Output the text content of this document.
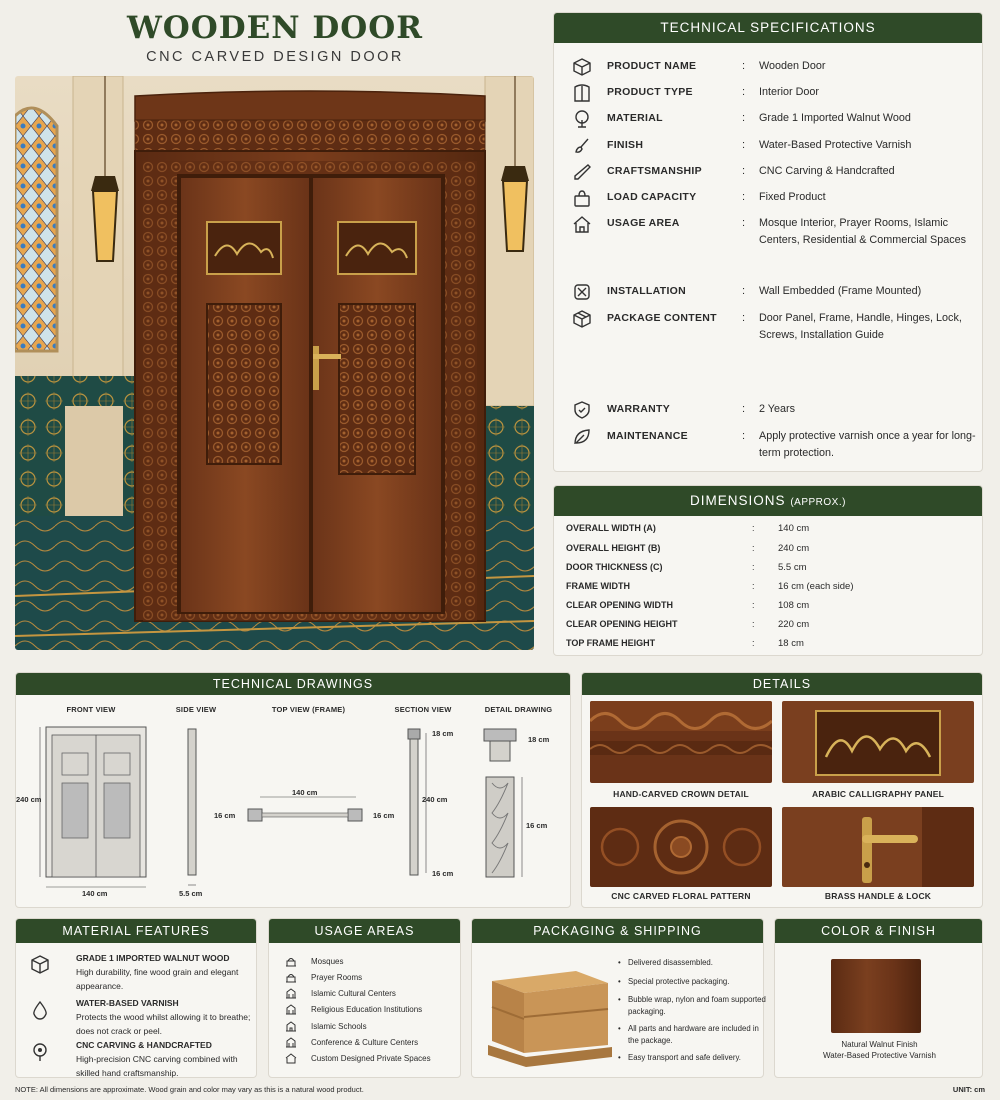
WOODEN DOOR
CNC CARVED DESIGN DOOR
TECHNICAL SPECIFICATIONS
PRODUCT NAME	: Wooden Door
PRODUCT TYPE	: Interior Door
MATERIAL	: Grade 1 Imported Walnut Wood
FINISH	: Water-Based Protective Varnish
CRAFTSMANSHIP	: CNC Carving & Handcrafted
LOAD CAPACITY	: Fixed Product
USAGE AREA	: Mosque Interior, Prayer Rooms, Islamic Centers, Residential & Commercial Spaces
INSTALLATION	: Wall Embedded (Frame Mounted)
PACKAGE CONTENT : Door Panel, Frame, Handle, Hinges, Lock, Screws, Installation Guide
WARRANTY	: 2 Years
MAINTENANCE	: Apply protective varnish once a year for long-term protection.
DIMENSIONS (APPROX.)
OVERALL WIDTH (A)	: 140 cm
OVERALL HEIGHT (B)	: 240 cm
DOOR THICKNESS (C)	: 5.5 cm
FRAME WIDTH	: 16 cm (each side)
CLEAR OPENING WIDTH	: 108 cm
CLEAR OPENING HEIGHT	: 220 cm
TOP FRAME HEIGHT	: 18 cm
TECHNICAL DRAWINGS
FRONT VIEW	SIDE VIEW	TOP VIEW (FRAME)	SECTION VIEW	DETAIL DRAWING
240 cm
140 cm	5.5 cm
140 cm
16 cm	16 cm
18 cm
240 cm
16 cm
18 cm
16 cm
DETAILS
HAND-CARVED CROWN DETAIL	ARABIC CALLIGRAPHY PANEL
CNC CARVED FLORAL PATTERN	BRASS HANDLE & LOCK
MATERIAL FEATURES
GRADE 1 IMPORTED WALNUT WOOD
High durability, fine wood grain and elegant appearance.
WATER-BASED VARNISH
Protects the wood whilst allowing it to breathe; does not crack or peel.
CNC CARVING & HANDCRAFTED
High-precision CNC carving combined with skilled hand craftsmanship.
USAGE AREAS
Mosques
Prayer Rooms
Islamic Cultural Centers
Religious Education Institutions
Islamic Schools
Conference & Culture Centers
Custom Designed Private Spaces
PACKAGING & SHIPPING
• Delivered disassembled.
• Special protective packaging.
• Bubble wrap, nylon and foam supported packaging.
• All parts and hardware are included in the package.
• Easy transport and safe delivery.
COLOR & FINISH
Natural Walnut Finish
Water-Based Protective Varnish
NOTE: All dimensions are approximate. Wood grain and color may vary as this is a natural wood product.	UNIT: cm
